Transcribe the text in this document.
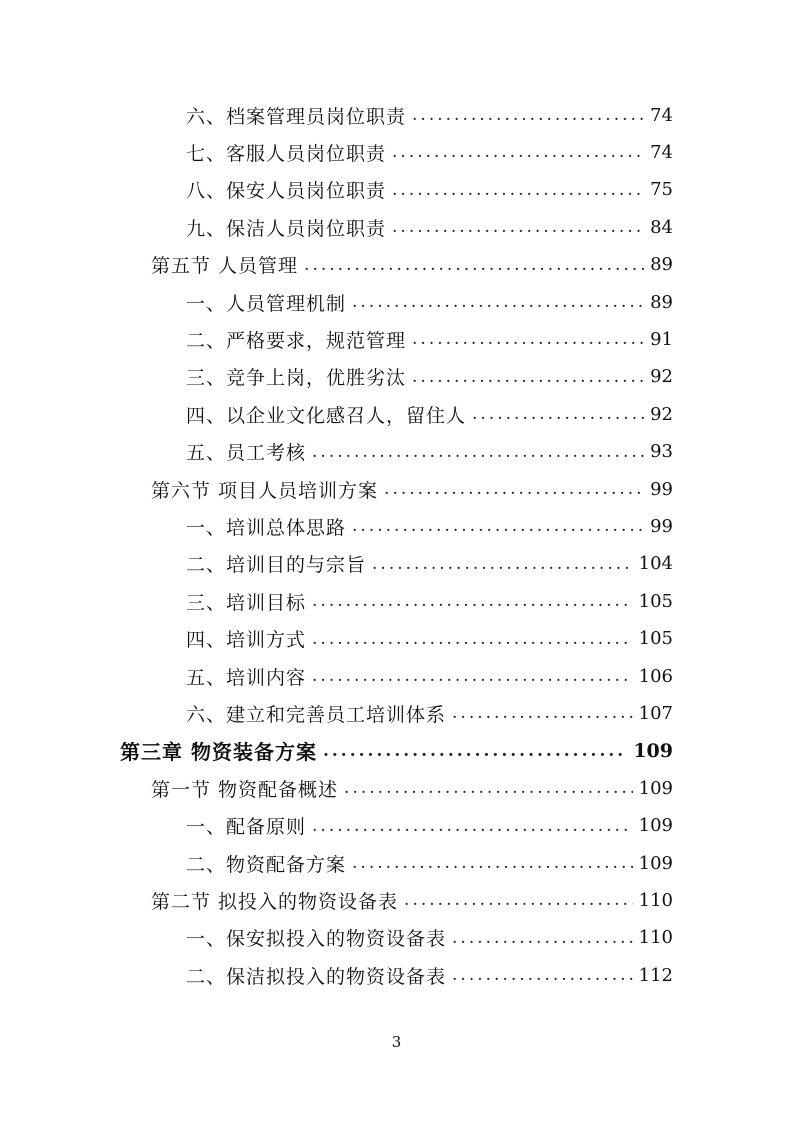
六、档案管理员岗位职责 .....	74
七、客服人员岗位职责 .....	74
八、保安人员岗位职责 .....	75
九、保洁人员岗位职责 .....	84
第五节 人员管理 .....	89
一、人员管理机制 .....	89
二、严格要求，规范管理 .....	91
三、竞争上岗，优胜劣汰 .....	92
四、以企业文化感召人，留住人 .....	92
五、员工考核 .....	93
第六节 项目人员培训方案 .....	99
一、培训总体思路 .....	99
二、培训目的与宗旨 .....	104
三、培训目标 .....	105
四、培训方式 .....	105
五、培训内容 .....	106
六、建立和完善员工培训体系 .....	107
第三章 物资装备方案 .....	109
第一节 物资配备概述 .....	109
一、配备原则 .....	109
二、物资配备方案 .....	109
第二节 拟投入的物资设备表 .....	110
一、保安拟投入的物资设备表 .....	110
二、保洁拟投入的物资设备表 .....	112
3
